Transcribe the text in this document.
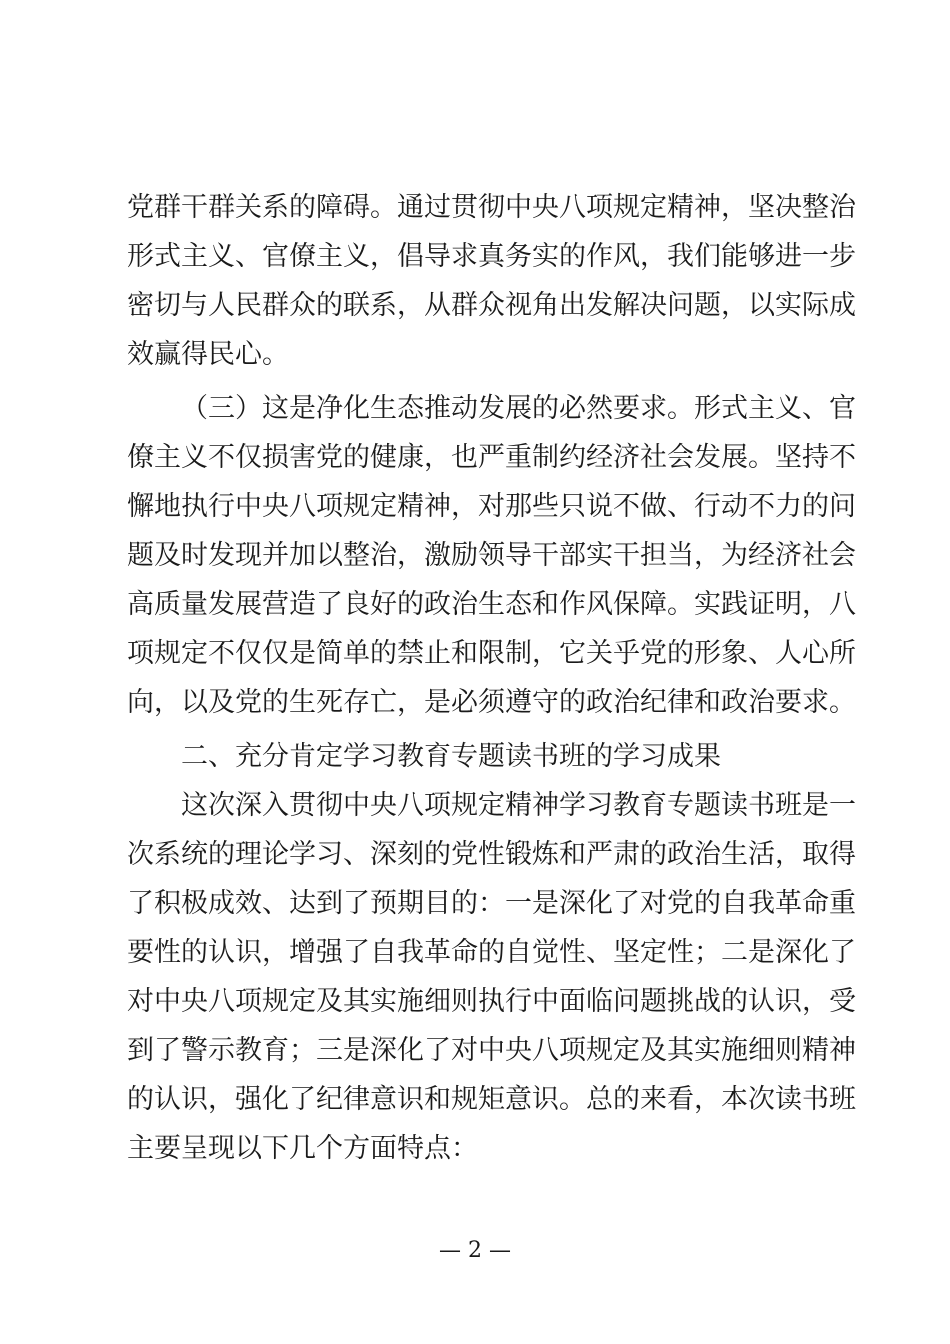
党群干群关系的障碍。通过贯彻中央八项规定精神，坚决整治

形式主义、官僚主义，倡导求真务实的作风，我们能够进一步

密切与人民群众的联系，从群众视角出发解决问题，以实际成

效赢得民心。

（三）这是净化生态推动发展的必然要求。形式主义、官

僚主义不仅损害党的健康，也严重制约经济社会发展。坚持不

懈地执行中央八项规定精神，对那些只说不做、行动不力的问

题及时发现并加以整治，激励领导干部实干担当，为经济社会

高质量发展营造了良好的政治生态和作风保障。实践证明，八

项规定不仅仅是简单的禁止和限制，它关乎党的形象、人心所

向，以及党的生死存亡，是必须遵守的政治纪律和政治要求。

二、充分肯定学习教育专题读书班的学习成果

这次深入贯彻中央八项规定精神学习教育专题读书班是一

次系统的理论学习、深刻的党性锻炼和严肃的政治生活，取得

了积极成效、达到了预期目的：一是深化了对党的自我革命重

要性的认识，增强了自我革命的自觉性、坚定性；二是深化了

对中央八项规定及其实施细则执行中面临问题挑战的认识，受

到了警示教育；三是深化了对中央八项规定及其实施细则精神

的认识，强化了纪律意识和规矩意识。总的来看，本次读书班

主要呈现以下几个方面特点：

— 2 —
